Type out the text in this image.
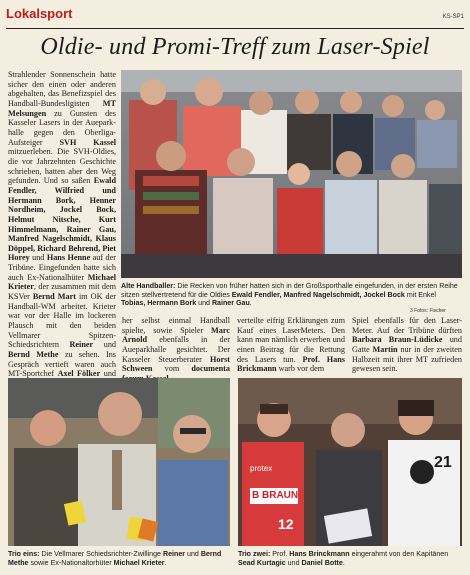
Lokalsport	KS-SP1
Oldie- und Promi-Treff zum Laser-Spiel
Strahlender Sonnenschein hatte sicher den einen oder anderen abgehalten, das Benefizspiel des Handball-Bundesligisten MT Melsungen zu Gunsten des Kasseler Lasers in der Aueparkhalle gegen den Oberliga-Aufsteiger SVH Kassel mitzuerleben. Die SVH-Oldies, die vor Jahrzehnten Geschichte schrieben, hatten aber den Weg gefunden. Und so saßen Ewald Fendler, Wilfried und Hermann Bork, Henner Nordheim, Jockel Bock, Helmut Nitsche, Kurt Himmelmann, Rainer Gau, Manfred Nagelschmidt, Klaus Döppel, Richard Behrend, Piet Horey und Hans Henne auf der Tribüne. Eingefunden hatte sich auch Ex-Nationalhüter Michael Krieter, der zusammen mit dem KSVer Bernd Mart im OK der Handball-WM arbeitet. Krieter war vor der Halle im lockeren Plausch mit den beiden Vellmarer Spitzen-Schiedsrichtern Reiner und Bernd Methe zu sehen. Ins Gespräch vertieft waren auch MT-Sportchef Axel Fölker und
Alte Handballer: Die Recken von früher hatten sich in der Großsporthalle eingefunden, in der ersten Reihe sitzen stellvertretend für die Oldies Ewald Fendler, Manfred Nagelschmidt, Jockel Bock mit Enkel Tobias, Hermann Bork und Rainer Gau.
3 Fotos: Fischer
her selbst einmal Handball spielte, sowie Spieler Marc Arnold ebenfalls in der Aueparkhalle gesichtet. Der Kasseler Steuerberater Horst Schween vom documenta
verteilte eifrig Erklärungen zum Kauf eines LaserMeters. Den kann man nämlich erwerben und einen Beitrag für die Rettung des Lasers tun. Prof. Hans Brickmann warb vor dem
Spiel ebenfalls für den Laser-Meter. Auf der Tribüne dürften Barbara Braun-Lüdicke und Gatte Martin nur in der zweiten Halbzeit mit ihrer MT zufrieden gewesen sein.
Trio eins: Die Vellmarer Schiedsrichter-Zwillinge Reiner und Bernd Methe sowie Ex-Nationaltorhüter Michael Krieter.
B BRAUN
protex
12
21
Trio zwei: Prof. Hans Brinckmann eingerahmt von den Kapitänen Sead Kurtagic und Daniel Botte.
